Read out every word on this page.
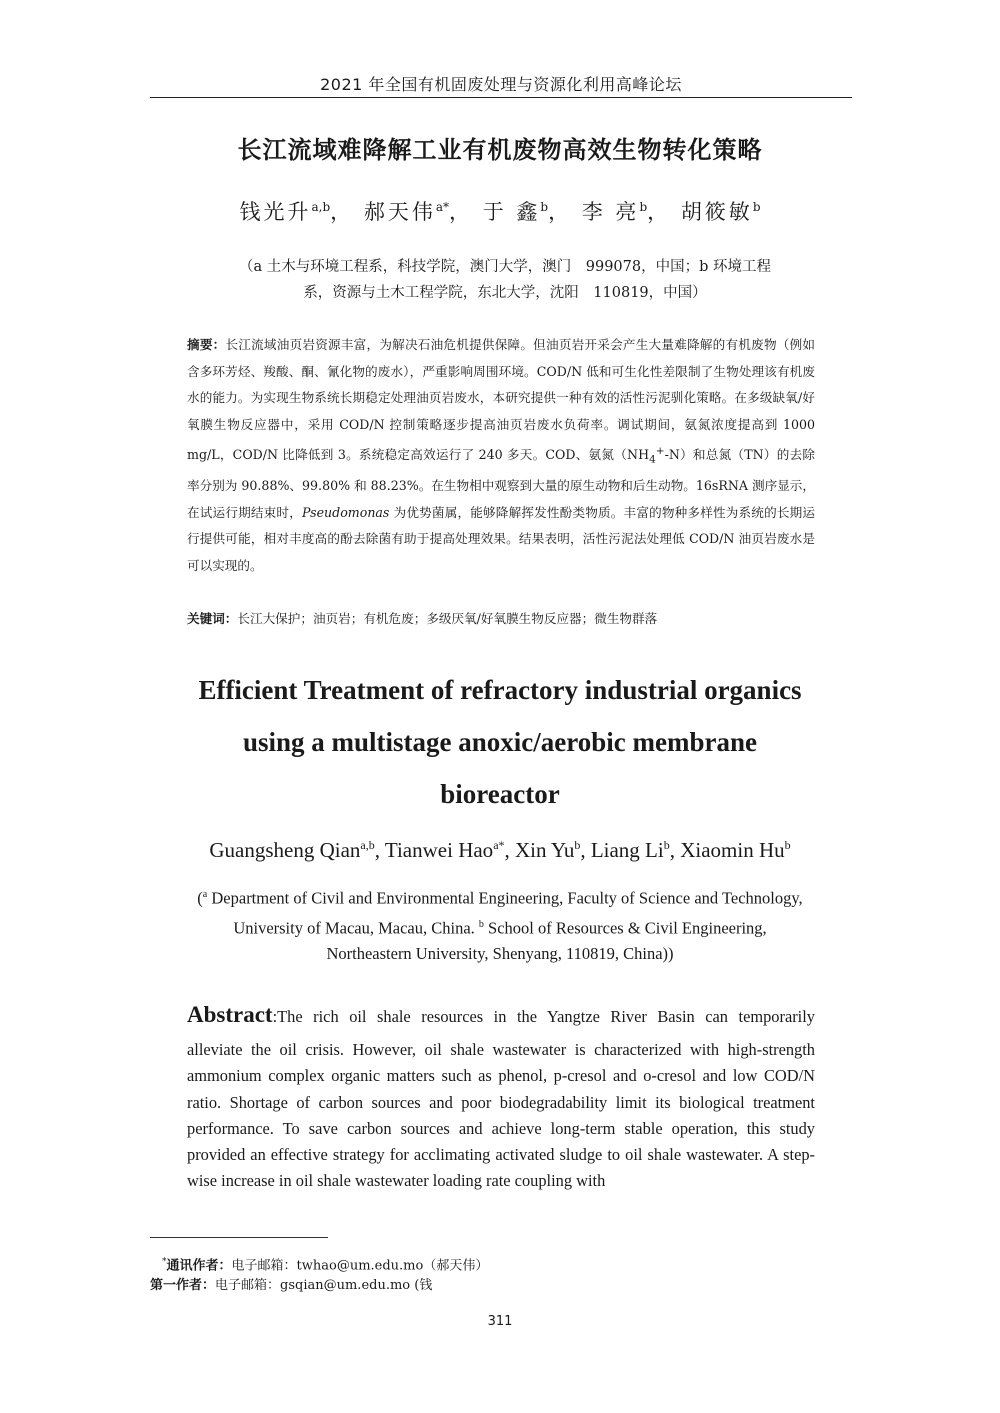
2021 年全国有机固废处理与资源化利用高峰论坛
长江流域难降解工业有机废物高效生物转化策略
钱光升$^{a,b}$， 郝天伟$^{a*}$， 于 鑫$^b$， 李 亮$^b$， 胡筱敏$^b$
（a 土木与环境工程系，科技学院，澳门大学，澳门　999078，中国；b 环境工程
系，资源与土木工程学院，东北大学，沈阳　110819，中国）
摘要：长江流域油页岩资源丰富，为解决石油危机提供保障。但油页岩开采会产生大量难降解的有机废物（例如含多环芳烃、羧酸、酮、氰化物的废水），严重影响周围环境。COD/N 低和可生化性差限制了生物处理该有机废水的能力。为实现生物系统长期稳定处理油页岩废水，本研究提供一种有效的活性污泥驯化策略。在多级缺氧/好氧膜生物反应器中，采用 COD/N 控制策略逐步提高油页岩废水负荷率。调试期间，氨氮浓度提高到 1000 mg/L，COD/N 比降低到 3。系统稳定高效运行了 240 多天。COD、氨氮$(NH_4^+-N)$和总氮（TN）的去除率分别为 90.88%、99.80% 和 88.23%。在生物相中观察到大量的原生动物和后生动物。16sRNA 测序显示，在试运行期结束时，Pseudomonas 为优势菌属，能够降解挥发性酚类物质。丰富的物种多样性为系统的长期运行提供可能，相对丰度高的酚去除菌有助于提高处理效果。结果表明，活性污泥法处理低 COD/N 油页岩废水是可以实现的。
关键词：长江大保护；油页岩；有机危废；多级厌氧/好氧膜生物反应器；微生物群落
Efficient Treatment of refractory industrial organics
using a multistage anoxic/aerobic membrane
bioreactor
Guangsheng Qian$^{a,b}$, Tianwei Hao$^{a*}$, Xin Yu$^b$, Liang Li$^b$, Xiaomin Hu$^b$
($^a$ Department of Civil and Environmental Engineering, Faculty of Science and Technology, University of Macau, Macau, China. $^b$ School of Resources & Civil Engineering, Northeastern University, Shenyang, 110819, China))
Abstract:The rich oil shale resources in the Yangtze River Basin can temporarily
alleviate the oil crisis. However, oil shale wastewater is characterized with high-strength ammonium complex organic matters such as phenol, p-cresol and o-cresol and low COD/N ratio. Shortage of carbon sources and poor biodegradability limit its biological treatment performance. To save carbon sources and achieve long-term stable operation, this study provided an effective strategy for acclimating activated sludge to oil shale wastewater. A step-wise increase in oil shale wastewater loading rate coupling with
*通讯作者：电子邮箱：twhao@um.edu.mo（郝天伟）
第一作者：电子邮箱：gsqian@um.edu.mo (钱
311
